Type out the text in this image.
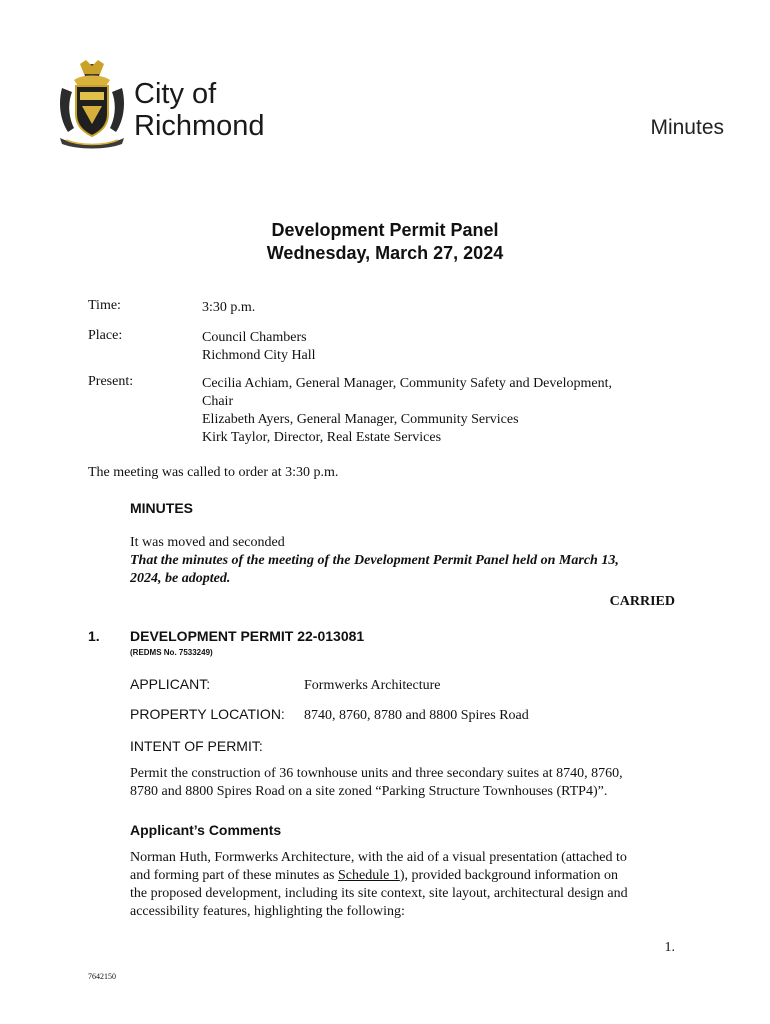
City of
Richmond	Minutes
Development Permit Panel
Wednesday, March 27, 2024
Time:	3:30 p.m.
Place:	Council Chambers
Richmond City Hall
Present:	Cecilia Achiam, General Manager, Community Safety and Development,
Chair
Elizabeth Ayers, General Manager, Community Services
Kirk Taylor, Director, Real Estate Services
The meeting was called to order at 3:30 p.m.
MINUTES
It was moved and seconded
That the minutes of the meeting of the Development Permit Panel held on March 13,
2024, be adopted.
CARRIED
1. DEVELOPMENT PERMIT 22-013081
(REDMS No. 7533249)
APPLICANT:	Formwerks Architecture
PROPERTY LOCATION: 8740, 8760, 8780 and 8800 Spires Road
INTENT OF PERMIT:
Permit the construction of 36 townhouse units and three secondary suites at 8740, 8760,
8780 and 8800 Spires Road on a site zoned “Parking Structure Townhouses (RTP4)”.
Applicant’s Comments
Norman Huth, Formwerks Architecture, with the aid of a visual presentation (attached to
and forming part of these minutes as Schedule 1), provided background information on
the proposed development, including its site context, site layout, architectural design and
accessibility features, highlighting the following:
1.
7642150
